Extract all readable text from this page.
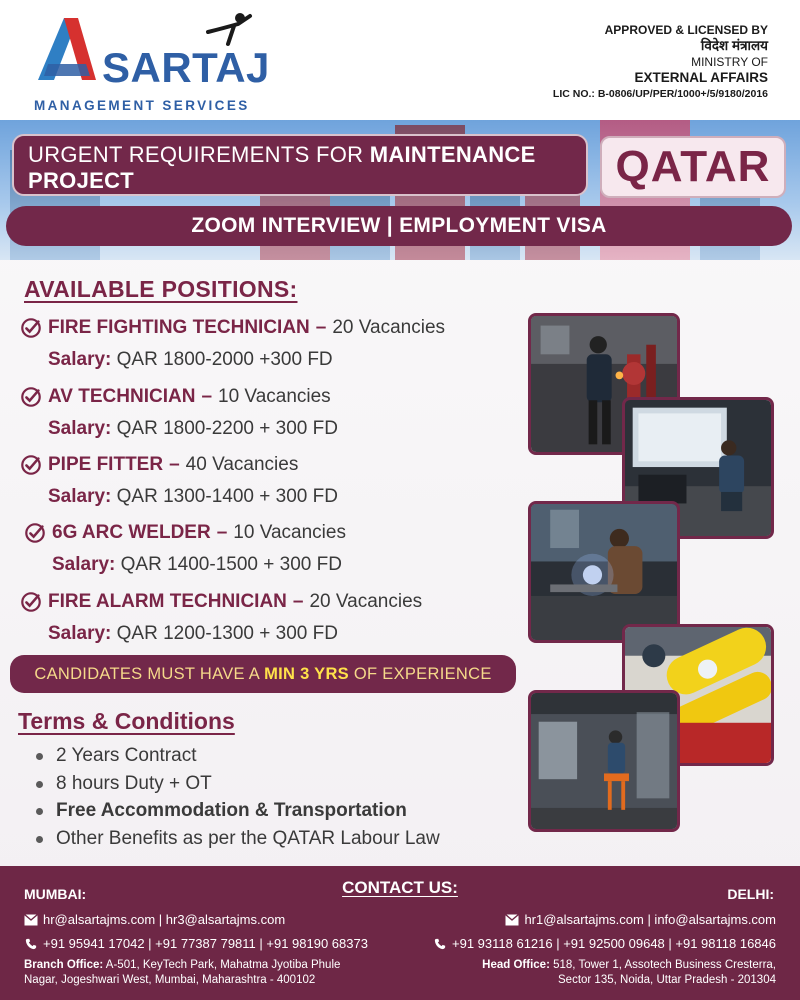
SARTAJ
MANAGEMENT SERVICES
APPROVED & LICENSED BY
विदेश मंत्रालय
MINISTRY OF
EXTERNAL AFFAIRS
LIC NO.: B-0806/UP/PER/1000+/5/9180/2016
URGENT REQUIREMENTS FOR MAINTENANCE
PROJECT	QATAR
ZOOM INTERVIEW | EMPLOYMENT VISA
AVAILABLE POSITIONS:
FIRE FIGHTING TECHNICIAN – 20 Vacancies
Salary: QAR 1800-2000 +300 FD
AV TECHNICIAN – 10 Vacancies
Salary: QAR 1800-2200 + 300 FD
PIPE FITTER – 40 Vacancies
Salary: QAR 1300-1400 + 300 FD
6G ARC WELDER – 10 Vacancies
Salary: QAR 1400-1500 + 300 FD
FIRE ALARM TECHNICIAN – 20 Vacancies
Salary: QAR 1200-1300 + 300 FD
CANDIDATES MUST HAVE A MIN 3 YRS OF EXPERIENCE
Terms & Conditions
2 Years Contract
8 hours Duty + OT
Free Accommodation & Transportation
Other Benefits as per the QATAR Labour Law
CONTACT US:
MUMBAI:	DELHI:
hr@alsartajms.com | hr3@alsartajms.com
+91 95941 17042 | +91 77387 79811 | +91 98190 68373
Branch Office: A-501, KeyTech Park, Mahatma Jyotiba Phule
Nagar, Jogeshwari West, Mumbai, Maharashtra - 400102
hr1@alsartajms.com | info@alsartajms.com
+91 93118 61216 | +91 92500 09648 | +91 98118 16846
Head Office: 518, Tower 1, Assotech Business Cresterra,
Sector 135, Noida, Uttar Pradesh - 201304
